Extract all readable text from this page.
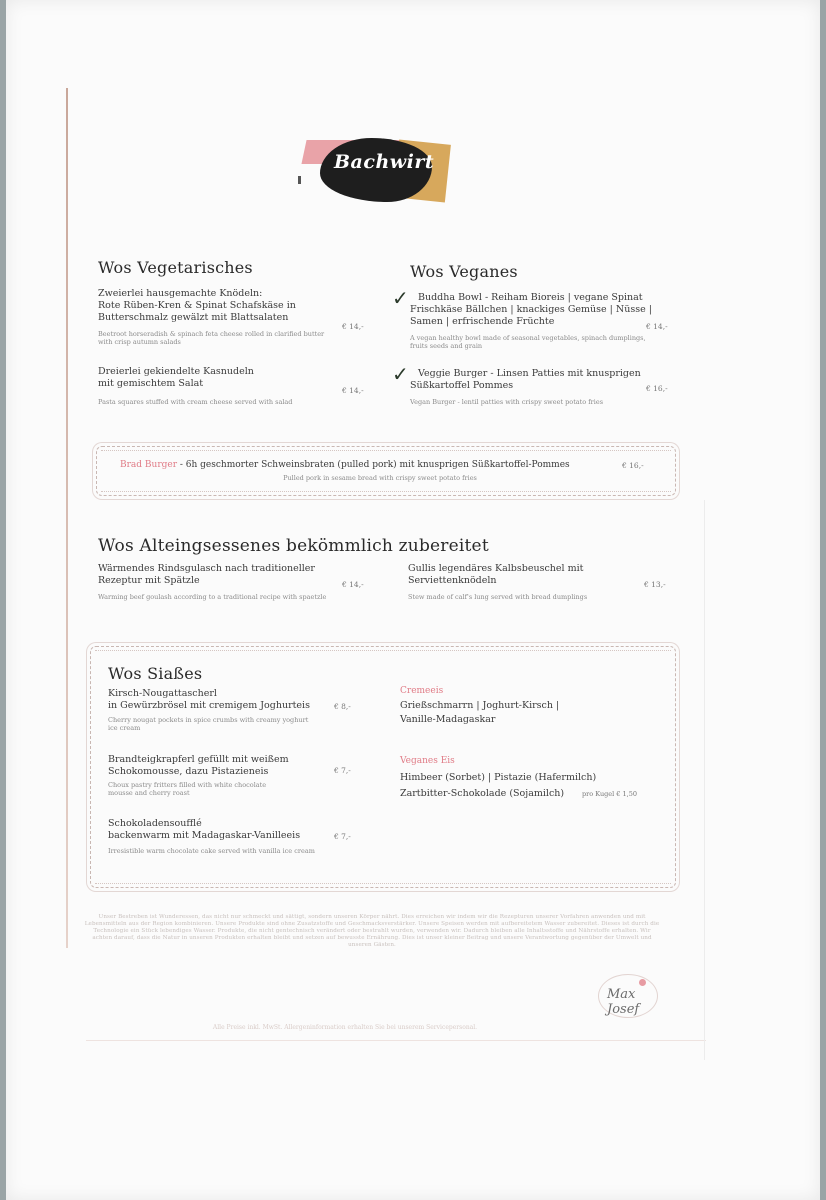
Bachwirt
Wos Vegetarisches
Zweierlei hausgemachte Knödeln:
Rote Rüben-Kren & Spinat Schafskäse in
Butterschmalz gewälzt mit Blattsalaten
€ 14,-
Beetroot horseradish & spinach feta cheese rolled in clarified butter with crisp autumn salads
Dreierlei gekiendelte Kasnudeln
mit gemischtem Salat
€ 14,-
Pasta squares stuffed with cream cheese served with salad
Wos Veganes
✓ Buddha Bowl - Reiham Bioreis | vegane Spinat
Frischkäse Bällchen | knackiges Gemüse | Nüsse |
Samen | erfrischende Früchte	€ 14,-
A vegan healthy bowl made of seasonal vegetables, spinach dumplings, fruits seeds and grain
✓ Veggie Burger - Linsen Patties mit knusprigen
Süßkartoffel Pommes	€ 16,-
Vegan Burger - lentil patties with crispy sweet potato fries
Brad Burger - 6h geschmorter Schweinsbraten (pulled pork) mit knusprigen Süßkartoffel-Pommes	€ 16,-
Pulled pork in sesame bread with crispy sweet potato fries
Wos Alteingsessenes bekömmlich zubereitet
Wärmendes Rindsgulasch nach traditioneller
Rezeptur mit Spätzle	€ 14,-
Warming beef goulash according to a traditional recipe with spaetzle
Gullis legendäres Kalbsbeuschel mit
Serviettenknödeln	€ 13,-
Stew made of calf's lung served with bread dumplings
Wos Siaßes
Kirsch-Nougattascherl
in Gewürzbrösel mit cremigem Joghurteis	€ 8,-
Cherry nougat pockets in spice crumbs with creamy yoghurt
ice cream
Brandteigkrapferl gefüllt mit weißem
Schokomousse, dazu Pistazieneis	€ 7,-
Choux pastry fritters filled with white chocolate
mousse and cherry roast
Schokoladensoufflé
backenwarm mit Madagaskar-Vanilleeis	€ 7,-
Irresistible warm chocolate cake served with vanilla ice cream
Cremeeis
Grießschmarrn | Joghurt-Kirsch |
Vanille-Madagaskar
Veganes Eis
Himbeer (Sorbet) | Pistazie (Hafermilch)
Zartbitter-Schokolade (Sojamilch)	pro Kugel € 1,50
Unser Bestreben ist Wunderessen, das nicht nur schmeckt und sättigt, sondern unseren Körper nährt. Dies erreichen wir indem wir die Rezepturen unserer Vorfahren anwenden und mit Lebensmitteln aus der Region kombinieren. Unsere Produkte sind ohne Zusatzstoffe und Geschmacksverstärker. Unsere Speisen werden mit aufbereitetem Wasser zubereitet. Dieses ist durch die Technologie ein Stück lebendiges Wasser. Produkte, die nicht gentechnisch verändert oder bestrahlt wurden, verwenden wir. Dadurch bleiben alle Inhaltsstoffe und Nährstoffe erhalten. Wir achten darauf, dass die Natur in unseren Produkten erhalten bleibt und setzen auf bewusste Ernährung. Dies ist unser kleiner Beitrag und unsere Verantwortung gegenüber der Umwelt und unseren Gästen.
Max Josef
Alle Preise inkl. MwSt. Allergeninformation erhalten Sie bei unserem Servicepersonal.
